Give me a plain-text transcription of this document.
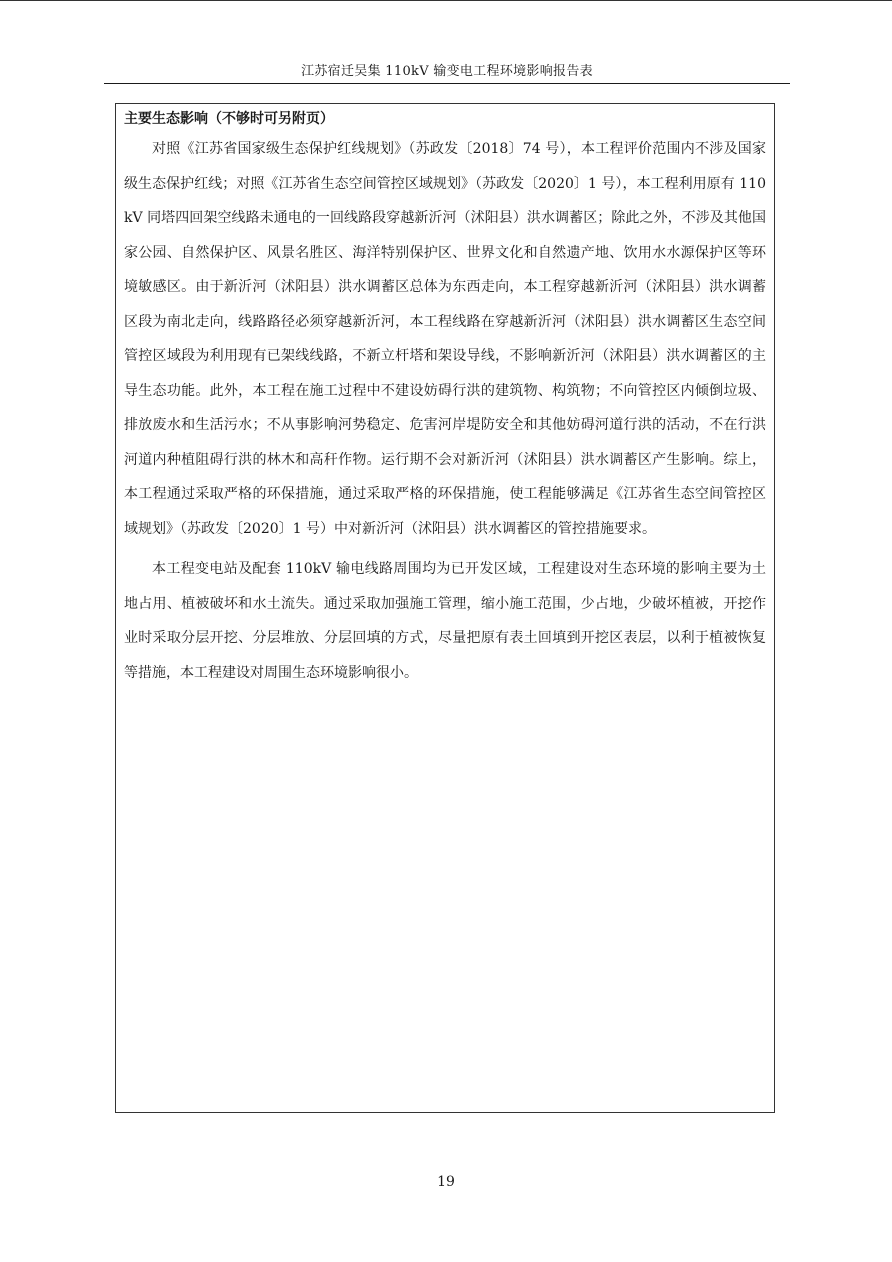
江苏宿迁吴集 110kV 输变电工程环境影响报告表
主要生态影响（不够时可另附页）

对照《江苏省国家级生态保护红线规划》（苏政发〔2018〕74 号），本工程评价范围内不涉及国家级生态保护红线；对照《江苏省生态空间管控区域规划》（苏政发〔2020〕1 号），本工程利用原有 110kV 同塔四回架空线路未通电的一回线路段穿越新沂河（沭阳县）洪水调蓄区；除此之外，不涉及其他国家公园、自然保护区、风景名胜区、海洋特别保护区、世界文化和自然遗产地、饮用水水源保护区等环境敏感区。由于新沂河（沭阳县）洪水调蓄区总体为东西走向，本工程穿越新沂河（沭阳县）洪水调蓄区段为南北走向，线路路径必须穿越新沂河，本工程线路在穿越新沂河（沭阳县）洪水调蓄区生态空间管控区域段为利用现有已架线线路，不新立杆塔和架设导线，不影响新沂河（沭阳县）洪水调蓄区的主导生态功能。此外，本工程在施工过程中不建设妨碍行洪的建筑物、构筑物；不向管控区内倾倒垃圾、排放废水和生活污水；不从事影响河势稳定、危害河岸堤防安全和其他妨碍河道行洪的活动，不在行洪河道内种植阻碍行洪的林木和高秆作物。运行期不会对新沂河（沭阳县）洪水调蓄区产生影响。综上，本工程通过采取严格的环保措施，通过采取严格的环保措施，使工程能够满足《江苏省生态空间管控区域规划》（苏政发〔2020〕1 号）中对新沂河（沭阳县）洪水调蓄区的管控措施要求。

本工程变电站及配套 110kV 输电线路周围均为已开发区域，工程建设对生态环境的影响主要为土地占用、植被破坏和水土流失。通过采取加强施工管理，缩小施工范围，少占地，少破坏植被，开挖作业时采取分层开挖、分层堆放、分层回填的方式，尽量把原有表土回填到开挖区表层，以利于植被恢复等措施，本工程建设对周围生态环境影响很小。

19
